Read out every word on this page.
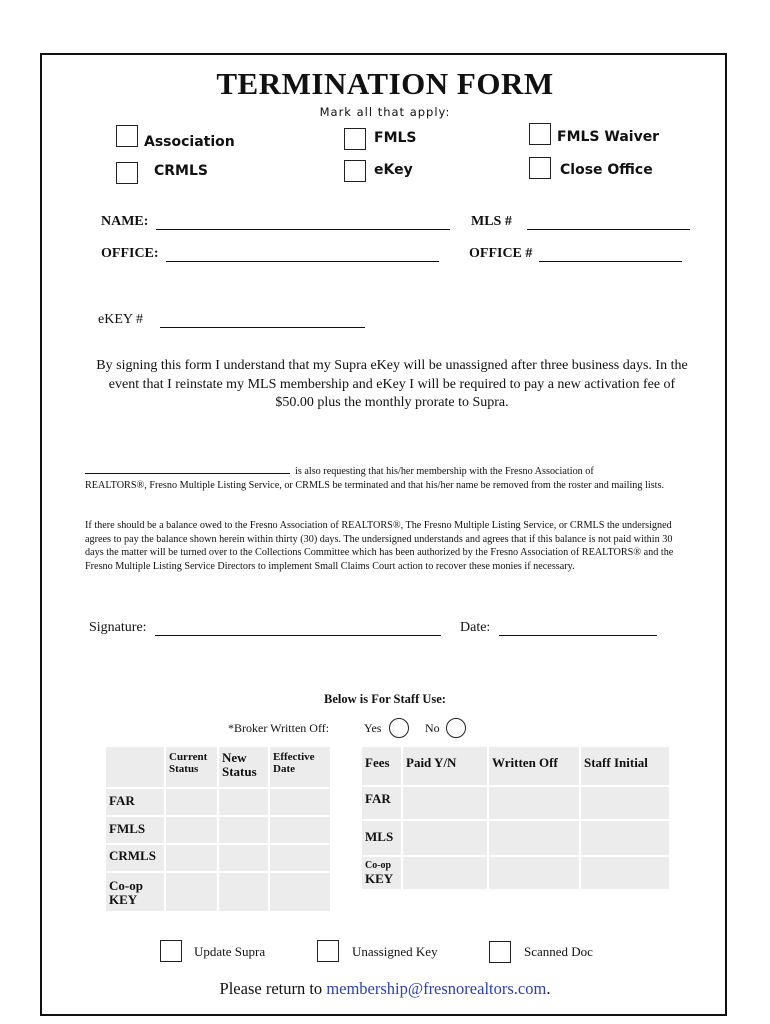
TERMINATION FORM
Mark all that apply:
Association
CRMLS
FMLS
eKey
FMLS Waiver
Close Office
NAME:	MLS #
OFFICE:	OFFICE #
eKEY #
By signing this form I understand that my Supra eKey will be unassigned after three business days. In the event that I reinstate my MLS membership and eKey I will be required to pay a new activation fee of $50.00 plus the monthly prorate to Supra.
is also requesting that his/her membership with the Fresno Association of
REALTORS®, Fresno Multiple Listing Service, or CRMLS be terminated and that his/her name be removed from the roster and mailing lists.
If there should be a balance owed to the Fresno Association of REALTORS®, The Fresno Multiple Listing Service, or CRMLS the undersigned agrees to pay the balance shown herein within thirty (30) days. The undersigned understands and agrees that if this balance is not paid within 30 days the matter will be turned over to the Collections Committee which has been authorized by the Fresno Association of REALTORS® and the Fresno Multiple Listing Service Directors to implement Small Claims Court action to recover these monies if necessary.
Signature:	Date:
Below is For Staff Use:
*Broker Written Off:	Yes	No
	Current Status	New Status	Effective Date
FAR			
FMLS			
CRMLS			
Co-op KEY			
Fees	Paid Y/N	Written Off	Staff Initial
FAR			
MLS			

Co-op
KEY			
Update Supra	Unassigned Key	Scanned Doc
Please return to membership@fresnorealtors.com.
